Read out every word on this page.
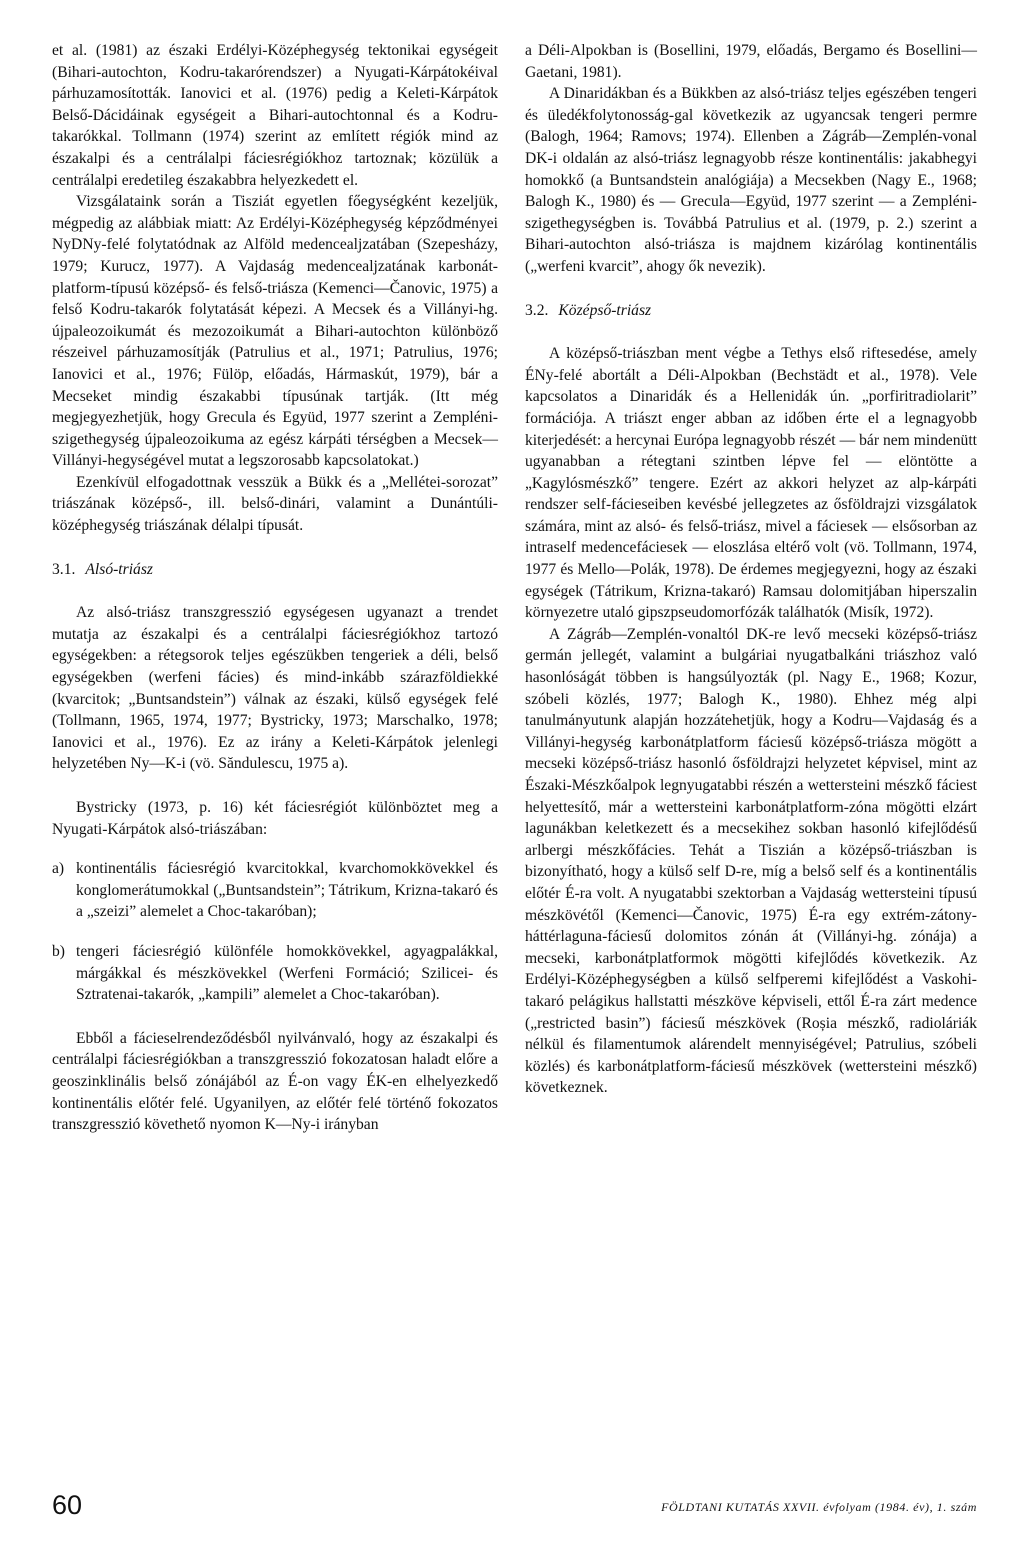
et al. (1981) az északi Erdélyi-Középhegység tektonikai egységeit (Bihari-autochton, Kodru-takarórendszer) a Nyugati-Kárpátokéival párhuzamosították. Ianovici et al. (1976) pedig a Keleti-Kárpátok Belső-Dácidáinak egységeit a Bihari-autochtonnal és a Kodru-takarókkal. Tollmann (1974) szerint az említett régiók mind az északalpi és a centrálalpi fáciesrégiókhoz tartoznak; közülük a centrálalpi eredetileg északabbra helyezkedett el.

Vizsgálataink során a Tisziát egyetlen főegységként kezeljük, mégpedig az alábbiak miatt: Az Erdélyi-Középhegység képződményei NyDNy-felé folytatódnak az Alföld medencealjzatában (Szepesházy, 1979; Kurucz, 1977). A Vajdaság medencealjzatának karbonát-platform-típusú középső- és felső-triásza (Kemenci—Čanovic, 1975) a felső Kodru-takarók folytatását képezi. A Mecsek és a Villányi-hg. újpaleozoikumát és mezozoikumát a Bihari-autochton különböző részeivel párhuzamosítják (Patrulius et al., 1971; Patrulius, 1976; Ianovici et al., 1976; Fülöp, előadás, Hármaskút, 1979), bár a Mecseket mindig északabbi típusúnak tartják. (Itt még megjegyezhetjük, hogy Grecula és Együd, 1977 szerint a Zempléni-szigethegység újpaleozoikuma az egész kárpáti térségben a Mecsek—Villányi-hegységével mutat a legszorosabb kapcsolatokat.)

Ezenkívül elfogadottnak vesszük a Bükk és a „Mellétei-sorozat” triászának középső-, ill. belső-dinári, valamint a Dunántúli-középhegység triászának délalpi típusát.

3.1. Alsó-triász

Az alsó-triász transzgresszió egységesen ugyanazt a trendet mutatja az északalpi és a centrálalpi fáciesrégiókhoz tartozó egységekben: a rétegsorok teljes egészükben tengeriek a déli, belső egységekben (werfeni fácies) és mind-inkább szárazföldiekké (kvarcitok; „Buntsandstein”) válnak az északi, külső egységek felé (Tollmann, 1965, 1974, 1977; Bystricky, 1973; Marschalko, 1978; Ianovici et al., 1976). Ez az irány a Keleti-Kárpátok jelenlegi helyzetében Ny—K-i (vö. Săndulescu, 1975 a).

Bystricky (1973, p. 16) két fáciesrégiót különböztet meg a Nyugati-Kárpátok alsó-triászában:

a) kontinentális fáciesrégió kvarcitokkal, kvarchomokkövekkel és konglomerátumokkal („Buntsandstein”; Tátrikum, Krizna-takaró és a „szeizi” alemelet a Choc-takaróban);
b) tengeri fáciesrégió különféle homokkövekkel, agyagpalákkal, márgákkal és mészkövekkel (Werfeni Formáció; Szilicei- és Sztratenai-takarók, „kampili” alemelet a Choc-takaróban).

Ebből a fácieselrendeződésből nyilvánvaló, hogy az északalpi és centrálalpi fáciesrégiókban a transzgresszió fokozatosan haladt előre a geoszinklinális belső zónájából az É-on vagy ÉK-en elhelyezkedő kontinentális előtér felé. Ugyanilyen, az előtér felé történő fokozatos transzgresszió követhető nyomon K—Ny-i irányban

a Déli-Alpokban is (Bosellini, 1979, előadás, Bergamo és Bosellini—Gaetani, 1981).

A Dinaridákban és a Bükkben az alsó-triász teljes egészében tengeri és üledékfolytonosság-gal következik az ugyancsak tengeri permre (Balogh, 1964; Ramovs; 1974). Ellenben a Zágráb—Zemplén-vonal DK-i oldalán az alsó-triász legnagyobb része kontinentális: jakabhegyi homokkő (a Buntsandstein analógiája) a Mecsekben (Nagy E., 1968; Balogh K., 1980) és — Grecula—Együd, 1977 szerint — a Zempléni-szigethegységben is. Továbbá Patrulius et al. (1979, p. 2.) szerint a Bihari-autochton alsó-triásza is majdnem kizárólag kontinentális („werfeni kvarcit”, ahogy ők nevezik).

3.2. Középső-triász

A középső-triászban ment végbe a Tethys első riftesedése, amely ÉNy-felé abortált a Déli-Alpokban (Bechstädt et al., 1978). Vele kapcsolatos a Dinaridák és a Hellenidák ún. „porfiritradiolarit” formációja. A triászt enger abban az időben érte el a legnagyobb kiterjedését: a hercynai Európa legnagyobb részét — bár nem mindenütt ugyanabban a rétegtani szintben lépve fel — elöntötte a „Kagylósmészkő” tengere. Ezért az akkori helyzet az alp-kárpáti rendszer self-fácieseiben kevésbé jellegzetes az ősföldrajzi vizsgálatok számára, mint az alsó- és felső-triász, mivel a fáciesek — elsősorban az intraself medencefáciesek — eloszlása eltérő volt (vö. Tollmann, 1974, 1977 és Mello—Polák, 1978). De érdemes megjegyezni, hogy az északi egységek (Tátrikum, Krizna-takaró) Ramsau dolomitjában hiperszalin környezetre utaló gipszpseudomorfózák találhatók (Misík, 1972).

A Zágráb—Zemplén-vonaltól DK-re levő mecseki középső-triász germán jellegét, valamint a bulgáriai nyugatbalkáni triászhoz való hasonlóságát többen is hangsúlyozták (pl. Nagy E., 1968; Kozur, szóbeli közlés, 1977; Balogh K., 1980). Ehhez még alpi tanulmányutunk alapján hozzátehetjük, hogy a Kodru—Vajdaság és a Villányi-hegység karbonátplatform fáciesű középső-triásza mögött a mecseki középső-triász hasonló ősföldrajzi helyzetet képvisel, mint az Északi-Mészkőalpok legnyugatabbi részén a wettersteini mészkő fáciest helyettesítő, már a wettersteini karbonátplatform-zóna mögötti elzárt lagunákban keletkezett és a mecsekihez sokban hasonló kifejlődésű arlbergi mészkőfácies. Tehát a Tiszián a középső-triászban is bizonyítható, hogy a külső self D-re, míg a belső self és a kontinentális előtér É-ra volt. A nyugatabbi szektorban a Vajdaság wettersteini típusú mészkövétől (Kemenci—Čanovic, 1975) É-ra egy extrém-zátony-háttérlaguna-fáciesű dolomitos zónán át (Villányi-hg. zónája) a mecseki, karbonátplatformok mögötti kifejlődés következik. Az Erdélyi-Középhegységben a külső selfperemi kifejlődést a Vaskohi-takaró pelágikus hallstatti mészköve képviseli, ettől É-ra zárt medence („restricted basin”) fáciesű mészkövek (Roșia mészkő, radioláriák nélkül és filamentumok alárendelt mennyiségével; Patrulius, szóbeli közlés) és karbonátplatform-fáciesű mészkövek (wettersteini mészkő) következnek.

60	FÖLDTANI KUTATÁS XXVII. évfolyam (1984. év), 1. szám
